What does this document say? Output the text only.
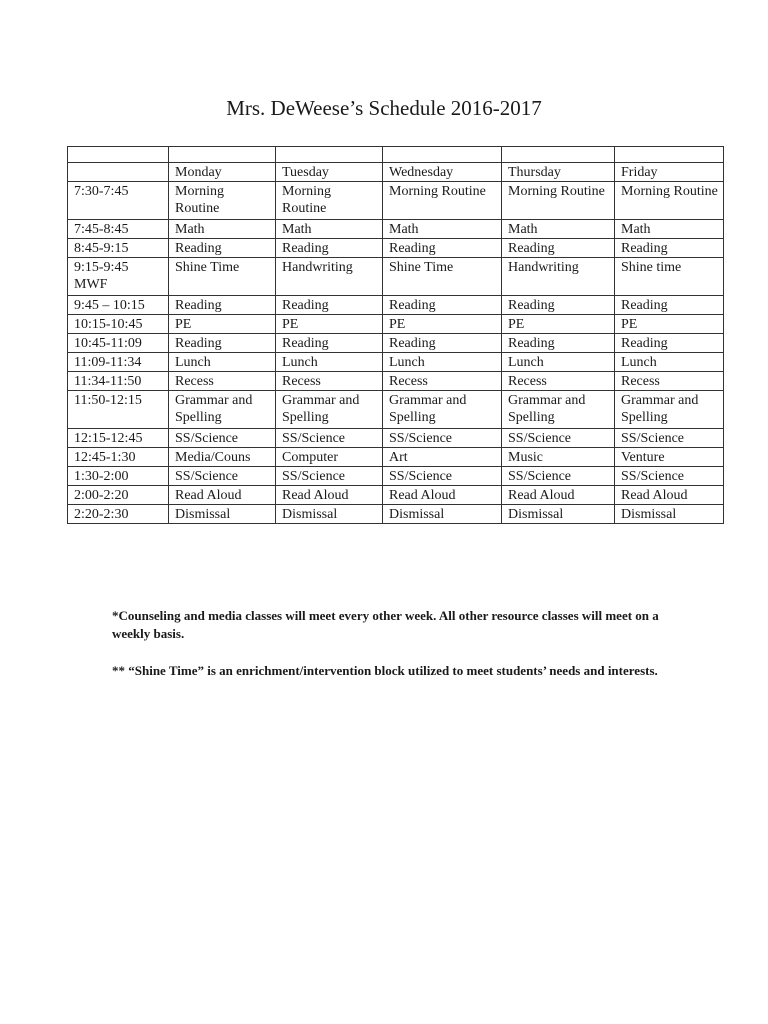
Mrs. DeWeese’s Schedule 2016-2017

	Monday	Tuesday	Wednesday	Thursday	Friday
7:30-7:45	Morning Routine	Morning Routine	Morning Routine	Morning Routine	Morning Routine
7:45-8:45	Math	Math	Math	Math	Math
8:45-9:15	Reading	Reading	Reading	Reading	Reading
9:15-9:45 MWF	Shine Time	Handwriting	Shine Time	Handwriting	Shine time
9:45 – 10:15	Reading	Reading	Reading	Reading	Reading
10:15-10:45	PE	PE	PE	PE	PE
10:45-11:09	Reading	Reading	Reading	Reading	Reading
11:09-11:34	Lunch	Lunch	Lunch	Lunch	Lunch
11:34-11:50	Recess	Recess	Recess	Recess	Recess
11:50-12:15	Grammar and Spelling	Grammar and Spelling	Grammar and Spelling	Grammar and Spelling	Grammar and Spelling
12:15-12:45	SS/Science	SS/Science	SS/Science	SS/Science	SS/Science
12:45-1:30	Media/Couns	Computer	Art	Music	Venture
1:30-2:00	SS/Science	SS/Science	SS/Science	SS/Science	SS/Science
2:00-2:20	Read Aloud	Read Aloud	Read Aloud	Read Aloud	Read Aloud
2:20-2:30	Dismissal	Dismissal	Dismissal	Dismissal	Dismissal

*Counseling and media classes will meet every other week. All other resource classes will meet on a weekly basis.

** “Shine Time” is an enrichment/intervention block utilized to meet students’ needs and interests.
